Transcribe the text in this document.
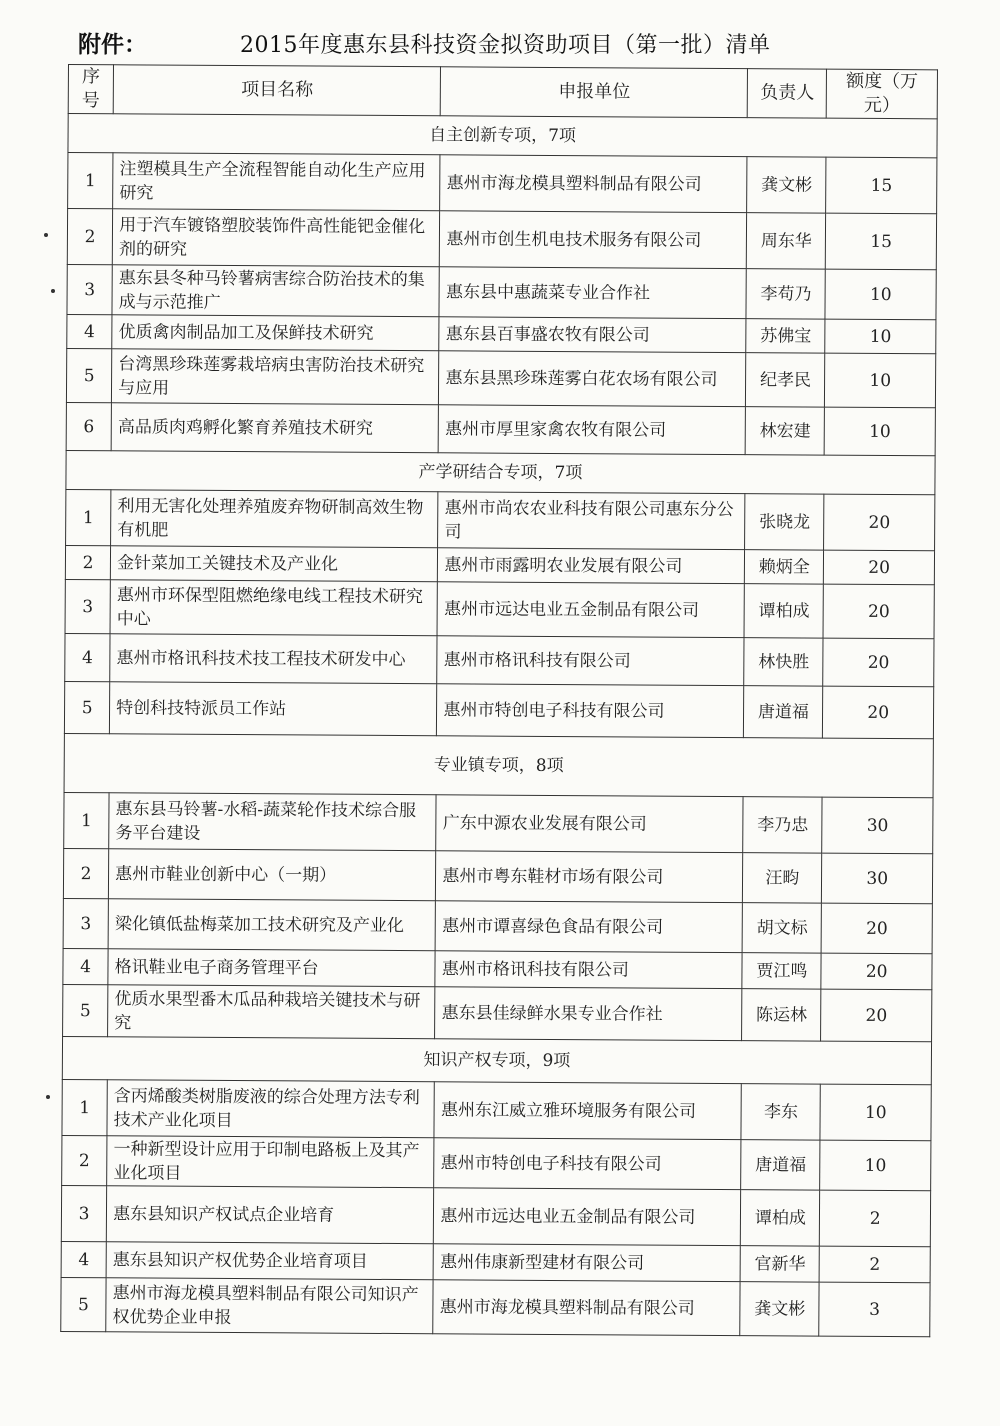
附件：	2015年度惠东县科技资金拟资助项目（第一批）清单
序号	项目名称	申报单位	负责人	额度（万元）
自主创新专项，7项				
1	注塑模具生产全流程智能自动化生产应用研究	惠州市海龙模具塑料制品有限公司	龚文彬	15
2	用于汽车镀铬塑胶装饰件高性能钯金催化剂的研究	惠州市创生机电技术服务有限公司	周东华	15
3	惠东县冬种马铃薯病害综合防治技术的集成与示范推广	惠东县中惠蔬菜专业合作社	李苟乃	10
4	优质禽肉制品加工及保鲜技术研究	惠东县百事盛农牧有限公司	苏佛宝	10
5	台湾黑珍珠莲雾栽培病虫害防治技术研究与应用	惠东县黑珍珠莲雾白花农场有限公司	纪孝民	10
6	高品质肉鸡孵化繁育养殖技术研究	惠州市厚里家禽农牧有限公司	林宏建	10
产学研结合专项，7项				
1	利用无害化处理养殖废弃物研制高效生物有机肥	惠州市尚农农业科技有限公司惠东分公司	张晓龙	20
2	金针菜加工关键技术及产业化	惠州市雨露明农业发展有限公司	赖炳全	20
3	惠州市环保型阻燃绝缘电线工程技术研究中心	惠州市远达电业五金制品有限公司	谭柏成	20
4	惠州市格讯科技术技工程技术研发中心	惠州市格讯科技有限公司	林快胜	20
5	特创科技特派员工作站	惠州市特创电子科技有限公司	唐道福	20
专业镇专项，8项				
1	惠东县马铃薯-水稻-蔬菜轮作技术综合服务平台建设	广东中源农业发展有限公司	李乃忠	30
2	惠州市鞋业创新中心（一期）	惠州市粤东鞋材市场有限公司	汪畇	30
3	梁化镇低盐梅菜加工技术研究及产业化	惠州市谭喜绿色食品有限公司	胡文标	20
4	格讯鞋业电子商务管理平台	惠州市格讯科技有限公司	贾江鸣	20
5	优质水果型番木瓜品种栽培关键技术与研究	惠东县佳绿鲜水果专业合作社	陈运林	20
知识产权专项，9项				
1	含丙烯酸类树脂废液的综合处理方法专利技术产业化项目	惠州东江威立雅环境服务有限公司	李东	10
2	一种新型设计应用于印制电路板上及其产业化项目	惠州市特创电子科技有限公司	唐道福	10
3	惠东县知识产权试点企业培育	惠州市远达电业五金制品有限公司	谭柏成	2
4	惠东县知识产权优势企业培育项目	惠州伟康新型建材有限公司	官新华	2
5	惠州市海龙模具塑料制品有限公司知识产权优势企业申报	惠州市海龙模具塑料制品有限公司	龚文彬	3
